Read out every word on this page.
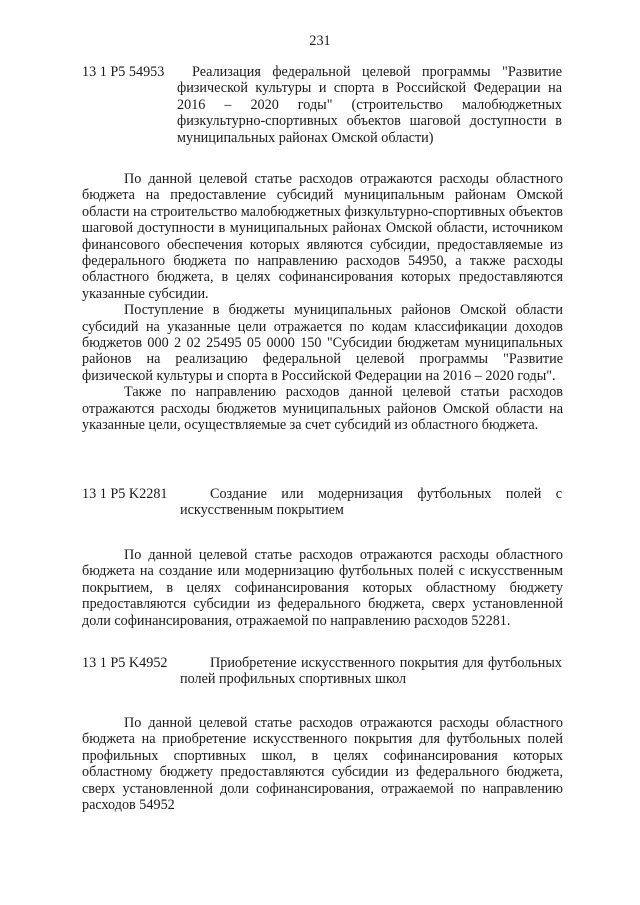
231
13 1 P5 54953	Реализация федеральной целевой программы "Развитие физической культуры и спорта в Российской Федерации на 2016 – 2020 годы" (строительство малобюджетных физкультурно-спортивных объектов шаговой доступности в муниципальных районах Омской области)

По данной целевой статье расходов отражаются расходы областного бюджета на предоставление субсидий муниципальным районам Омской области на строительство малобюджетных физкультурно-спортивных объектов шаговой доступности в муниципальных районах Омской области, источником финансового обеспечения которых являются субсидии, предоставляемые из федерального бюджета по направлению расходов 54950, а также расходы областного бюджета, в целях софинансирования которых предоставляются указанные субсидии.

Поступление в бюджеты муниципальных районов Омской области субсидий на указанные цели отражается по кодам классификации доходов бюджетов 000 2 02 25495 05 0000 150 "Субсидии бюджетам муниципальных районов на реализацию федеральной целевой программы "Развитие физической культуры и спорта в Российской Федерации на 2016 – 2020 годы".

Также по направлению расходов данной целевой статьи расходов отражаются расходы бюджетов муниципальных районов Омской области на указанные цели, осуществляемые за счет субсидий из областного бюджета.

13 1 P5 K2281	Создание или модернизация футбольных полей с искусственным покрытием

По данной целевой статье расходов отражаются расходы областного бюджета на создание или модернизацию футбольных полей с искусственным покрытием, в целях софинансирования которых областному бюджету предоставляются субсидии из федерального бюджета, сверх установленной доли софинансирования, отражаемой по направлению расходов 52281.

13 1 P5 K4952	Приобретение искусственного покрытия для футбольных полей профильных спортивных школ

По данной целевой статье расходов отражаются расходы областного бюджета на приобретение искусственного покрытия для футбольных полей профильных спортивных школ, в целях софинансирования которых областному бюджету предоставляются субсидии из федерального бюджета, сверх установленной доли софинансирования, отражаемой по направлению расходов 54952
